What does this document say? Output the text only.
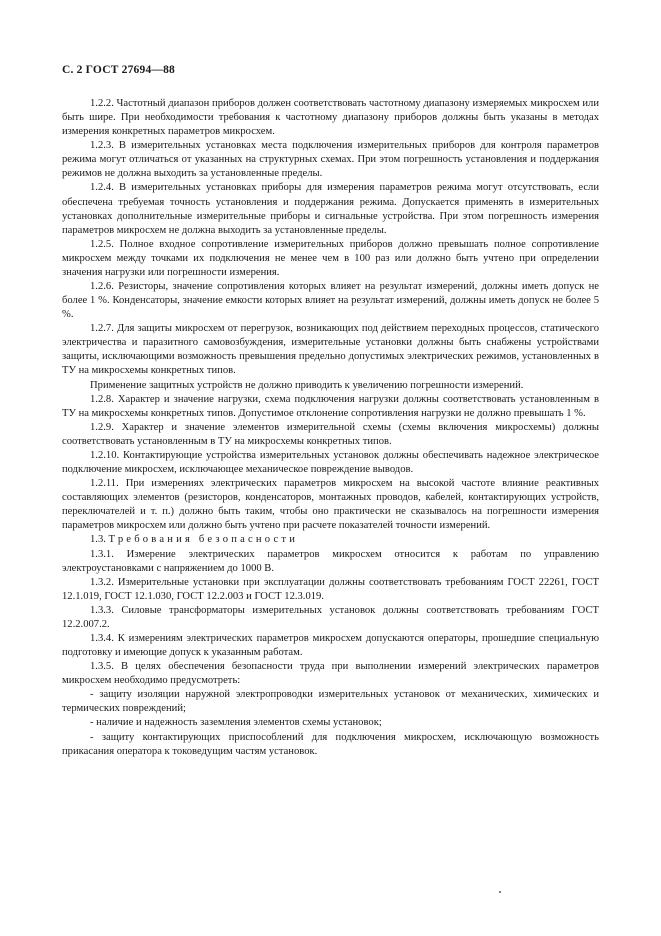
С. 2 ГОСТ 27694—88

1.2.2. Частотный диапазон приборов должен соответствовать частотному диапазону измеряемых микросхем или быть шире. При необходимости требования к частотному диапазону приборов должны быть указаны в методах измерения конкретных параметров микросхем.

1.2.3. В измерительных установках места подключения измерительных приборов для контроля параметров режима могут отличаться от указанных на структурных схемах. При этом погрешность установления и поддержания режимов не должна выходить за установленные пределы.

1.2.4. В измерительных установках приборы для измерения параметров режима могут отсутствовать, если обеспечена требуемая точность установления и поддержания режима. Допускается применять в измерительных установках дополнительные измерительные приборы и сигнальные устройства. При этом погрешность измерения параметров микросхем не должна выходить за установленные пределы.

1.2.5. Полное входное сопротивление измерительных приборов должно превышать полное сопротивление микросхем между точками их подключения не менее чем в 100 раз или должно быть учтено при определении значения нагрузки или погрешности измерения.

1.2.6. Резисторы, значение сопротивления которых влияет на результат измерений, должны иметь допуск не более 1 %. Конденсаторы, значение емкости которых влияет на результат измерений, должны иметь допуск не более 5 %.

1.2.7. Для защиты микросхем от перегрузок, возникающих под действием переходных процессов, статического электричества и паразитного самовозбуждения, измерительные установки должны быть снабжены устройствами защиты, исключающими возможность превышения предельно допустимых электрических режимов, установленных в ТУ на микросхемы конкретных типов.

Применение защитных устройств не должно приводить к увеличению погрешности измерений.

1.2.8. Характер и значение нагрузки, схема подключения нагрузки должны соответствовать установленным в ТУ на микросхемы конкретных типов. Допустимое отклонение сопротивления нагрузки не должно превышать 1 %.

1.2.9. Характер и значение элементов измерительной схемы (схемы включения микросхемы) должны соответствовать установленным в ТУ на микросхемы конкретных типов.

1.2.10. Контактирующие устройства измерительных установок должны обеспечивать надежное электрическое подключение микросхем, исключающее механическое повреждение выводов.

1.2.11. При измерениях электрических параметров микросхем на высокой частоте влияние реактивных составляющих элементов (резисторов, конденсаторов, монтажных проводов, кабелей, контактирующих устройств, переключателей и т. п.) должно быть таким, чтобы оно практически не сказывалось на погрешности измерения параметров микросхем или должно быть учтено при расчете показателей точности измерений.

1.3. Требования безопасности

1.3.1. Измерение электрических параметров микросхем относится к работам по управлению электроустановками с напряжением до 1000 В.

1.3.2. Измерительные установки при эксплуатации должны соответствовать требованиям ГОСТ 22261, ГОСТ 12.1.019, ГОСТ 12.1.030, ГОСТ 12.2.003 и ГОСТ 12.3.019.

1.3.3. Силовые трансформаторы измерительных установок должны соответствовать требованиям ГОСТ 12.2.007.2.

1.3.4. К измерениям электрических параметров микросхем допускаются операторы, прошедшие специальную подготовку и имеющие допуск к указанным работам.

1.3.5. В целях обеспечения безопасности труда при выполнении измерений электрических параметров микросхем необходимо предусмотреть:

- защиту изоляции наружной электропроводки измерительных установок от механических, химических и термических повреждений;

- наличие и надежность заземления элементов схемы установок;

- защиту контактирующих приспособлений для подключения микросхем, исключающую возможность прикасания оператора к токоведущим частям установок.
